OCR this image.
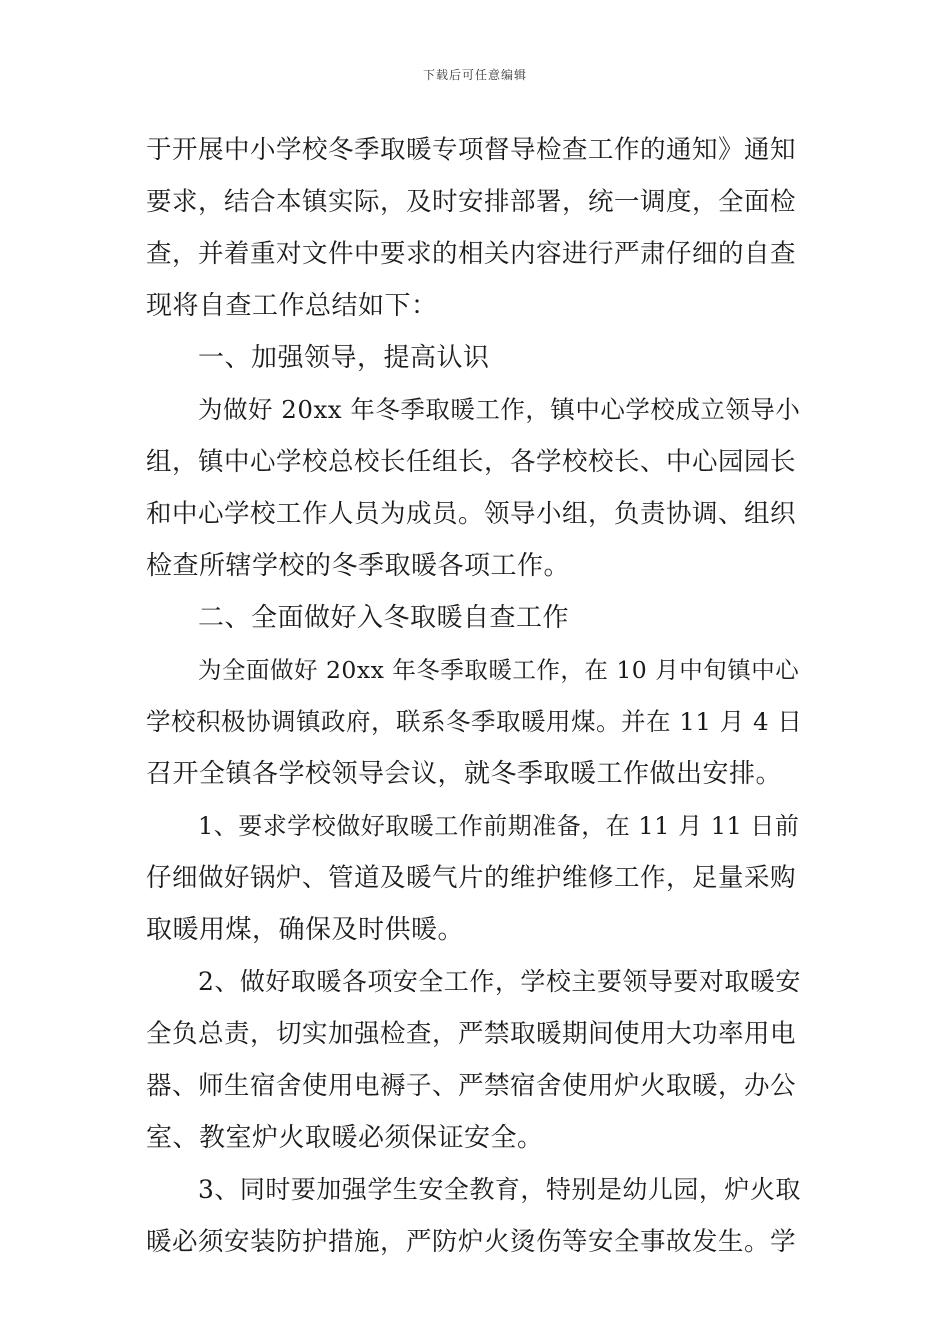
下载后可任意编辑
于开展中小学校冬季取暖专项督导检查工作的通知》通知
要求，结合本镇实际，及时安排部署，统一调度，全面检
查，并着重对文件中要求的相关内容进行严肃仔细的自查
现将自查工作总结如下：
一、加强领导，提高认识
为做好 20xx 年冬季取暖工作，镇中心学校成立领导小
组，镇中心学校总校长任组长，各学校校长、中心园园长
和中心学校工作人员为成员。领导小组，负责协调、组织
检查所辖学校的冬季取暖各项工作。
二、全面做好入冬取暖自查工作
为全面做好 20xx 年冬季取暖工作，在 10 月中旬镇中心
学校积极协调镇政府，联系冬季取暖用煤。并在 11 月 4 日
召开全镇各学校领导会议，就冬季取暖工作做出安排。
1、要求学校做好取暖工作前期准备，在 11 月 11 日前
仔细做好锅炉、管道及暖气片的维护维修工作，足量采购
取暖用煤，确保及时供暖。
2、做好取暖各项安全工作，学校主要领导要对取暖安
全负总责，切实加强检查，严禁取暖期间使用大功率用电
器、师生宿舍使用电褥子、严禁宿舍使用炉火取暖，办公
室、教室炉火取暖必须保证安全。
3、同时要加强学生安全教育，特别是幼儿园，炉火取
暖必须安装防护措施，严防炉火烫伤等安全事故发生。学
